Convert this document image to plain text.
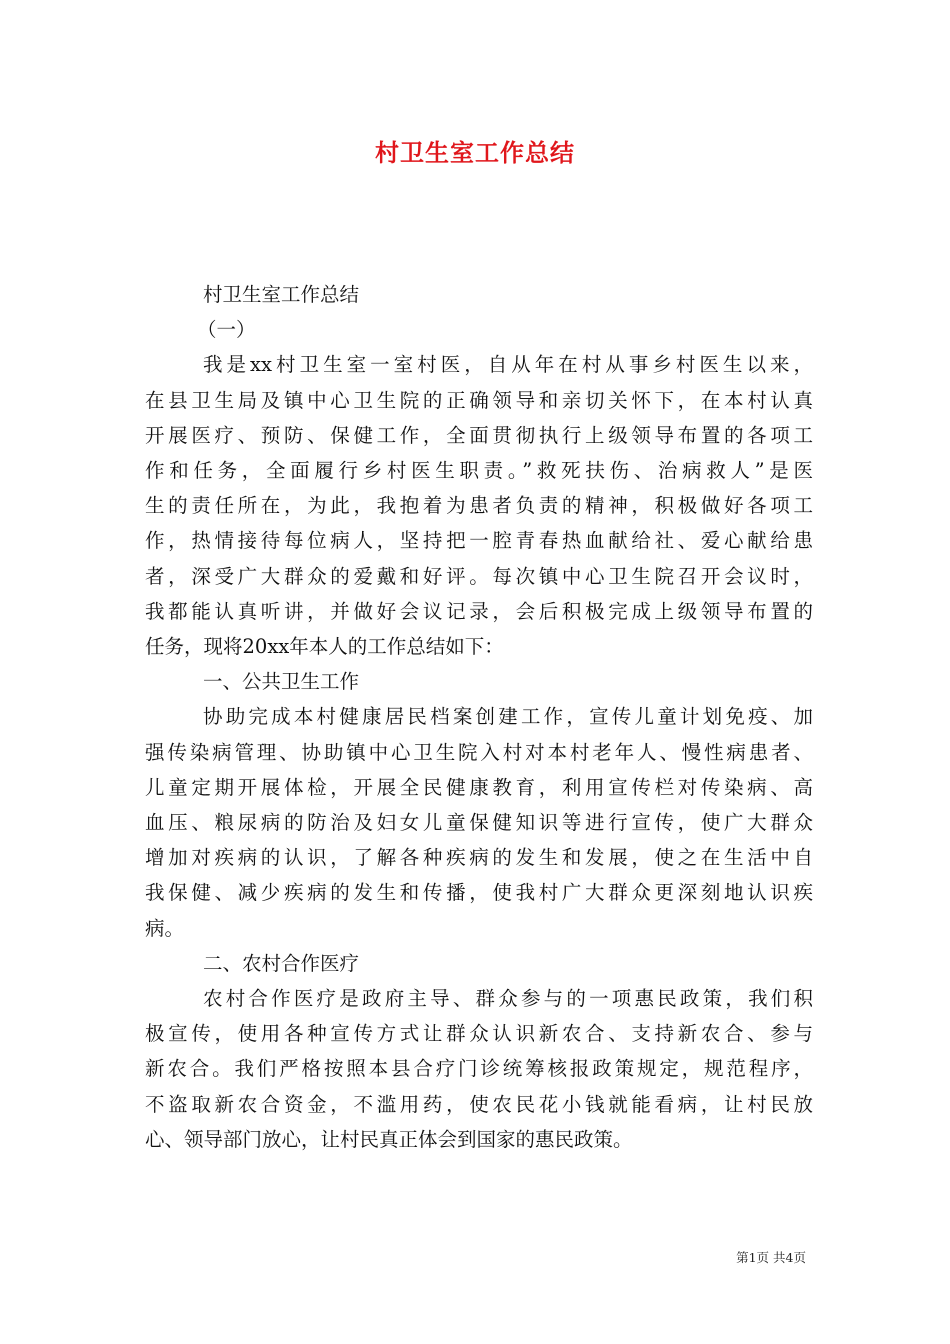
村卫生室工作总结
村卫生室工作总结
（一）
我是xx村卫生室一室村医，自从年在村从事乡村医生以来，
在县卫生局及镇中心卫生院的正确领导和亲切关怀下，在本村认真
开展医疗、预防、保健工作，全面贯彻执行上级领导布置的各项工
作和任务，全面履行乡村医生职责。”救死扶伤、治病救人”是医
生的责任所在，为此，我抱着为患者负责的精神，积极做好各项工
作，热情接待每位病人，坚持把一腔青春热血献给社、爱心献给患
者，深受广大群众的爱戴和好评。每次镇中心卫生院召开会议时，
我都能认真听讲，并做好会议记录，会后积极完成上级领导布置的
任务，现将20xx年本人的工作总结如下：
一、公共卫生工作
协助完成本村健康居民档案创建工作，宣传儿童计划免疫、加
强传染病管理、协助镇中心卫生院入村对本村老年人、慢性病患者、
儿童定期开展体检，开展全民健康教育，利用宣传栏对传染病、高
血压、粮尿病的防治及妇女儿童保健知识等进行宣传，使广大群众
增加对疾病的认识，了解各种疾病的发生和发展，使之在生活中自
我保健、减少疾病的发生和传播，使我村广大群众更深刻地认识疾
病。
二、农村合作医疗
农村合作医疗是政府主导、群众参与的一项惠民政策，我们积
极宣传，使用各种宣传方式让群众认识新农合、支持新农合、参与
新农合。我们严格按照本县合疗门诊统筹核报政策规定，规范程序，
不盗取新农合资金，不滥用药，使农民花小钱就能看病，让村民放
心、领导部门放心，让村民真正体会到国家的惠民政策。
第1页 共4页
